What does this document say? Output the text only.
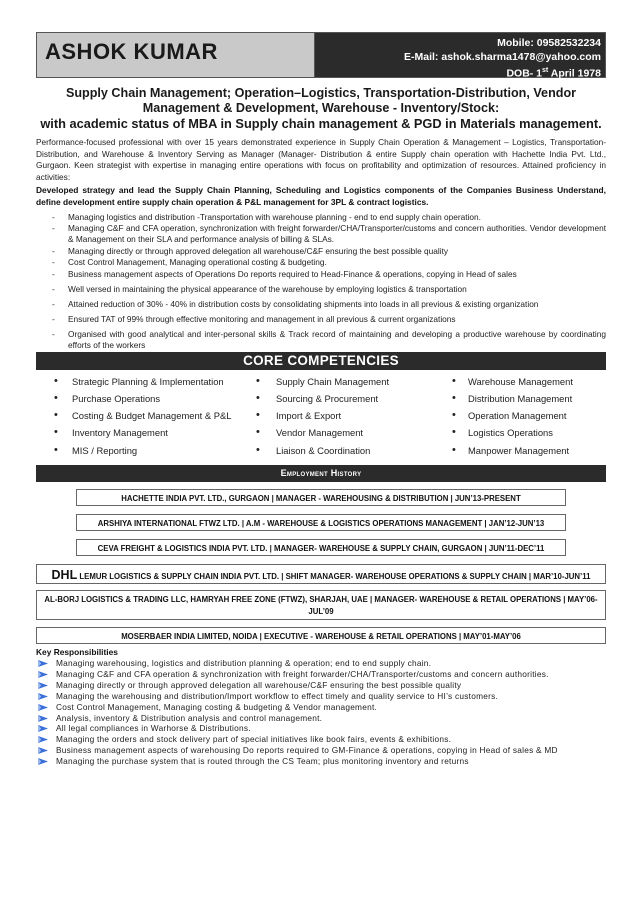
ASHOK KUMAR	Mobile: 09582532234
E-Mail: ashok.sharma1478@yahoo.com
DOB- 1st April 1978
Supply Chain Management; Operation–Logistics, Transportation-Distribution, Vendor
Management & Development, Warehouse - Inventory/Stock:
with academic status of MBA in Supply chain management & PGD in Materials management.

Performance-focused professional with over 15 years demonstrated experience in Supply Chain Operation & Management – Logistics, Transportation-Distribution, and Warehouse & Inventory Serving as Manager (Manager- Distribution & entire Supply chain operation with Hachette India Pvt. Ltd., Gurgaon. Keen strategist with expertise in managing entire operations with focus on profitability and optimization of resources. Attained proficiency in activities:

Developed strategy and lead the Supply Chain Planning, Scheduling and Logistics components of the Companies Business Understand, define development entire supply chain operation & P&L management for 3PL & contract logistics.

- Managing logistics and distribution -Transportation with warehouse planning - end to end supply chain operation.
- Managing C&F and CFA operation, synchronization with freight forwarder/CHA/Transporter/customs and concern authorities. Vendor development & Management on their SLA and performance analysis of billing & SLAs.
- Managing directly or through approved delegation all warehouse/C&F ensuring the best possible quality
- Cost Control Management, Managing operational costing & budgeting.
- Business management aspects of Operations Do reports required to Head-Finance & operations, copying in Head of sales
- Well versed in maintaining the physical appearance of the warehouse by employing logistics & transportation
- Attained reduction of 30% - 40% in distribution costs by consolidating shipments into loads in all previous & existing organization
- Ensured TAT of 99% through effective monitoring and management in all previous & current organizations
- Organised with good analytical and inter-personal skills & Track record of maintaining and developing a productive warehouse by coordinating efforts of the workers
CORE COMPETENCIES
• Strategic Planning & Implementation
• Purchase Operations
• Costing & Budget Management & P&L
• Inventory Management
• MIS / Reporting
• Supply Chain Management
• Sourcing & Procurement
• Import & Export
• Vendor Management
• Liaison & Coordination
• Warehouse Management
• Distribution Management
• Operation Management
• Logistics Operations
• Manpower Management
Employment History
HACHETTE INDIA PVT. LTD., GURGAON | MANAGER - WAREHOUSING & DISTRIBUTION | JUN’13-PRESENT
ARSHIYA INTERNATIONAL FTWZ LTD. | A.M - WAREHOUSE & LOGISTICS OPERATIONS MANAGEMENT | JAN’12-JUN’13
CEVA FREIGHT & LOGISTICS INDIA PVT. LTD. | MANAGER- WAREHOUSE & SUPPLY CHAIN, GURGAON | JUN’11-DEC’11
DHL LEMUR LOGISTICS & SUPPLY CHAIN INDIA PVT. LTD. | SHIFT MANAGER- WAREHOUSE OPERATIONS & SUPPLY CHAIN | MAR’10-JUN’11
AL-BORJ LOGISTICS & TRADING LLC, HAMRYAH FREE ZONE (FTWZ), SHARJAH, UAE | MANAGER- WAREHOUSE & RETAIL OPERATIONS | MAY’06-JUL’09
MOSERBAER INDIA LIMITED, NOIDA | EXECUTIVE - WAREHOUSE & RETAIL OPERATIONS | MAY’01-MAY’06
Key Responsibilities
Managing warehousing, logistics and distribution planning & operation; end to end supply chain.
Managing C&F and CFA operation & synchronization with freight forwarder/CHA/Transporter/customs and concern authorities.
Managing directly or through approved delegation all warehouse/C&F ensuring the best possible quality
Managing the warehousing and distribution/Import workflow to effect timely and quality service to HI’s customers.
Cost Control Management, Managing costing & budgeting & Vendor management.
Analysis, inventory & Distribution analysis and control management.
All legal compliances in Warhorse & Distributions.
Managing the orders and stock delivery part of special initiatives like book fairs, events & exhibitions.
Business management aspects of warehousing Do reports required to GM-Finance & operations, copying in Head of sales & MD
Managing the purchase system that is routed through the CS Team; plus monitoring inventory and returns
